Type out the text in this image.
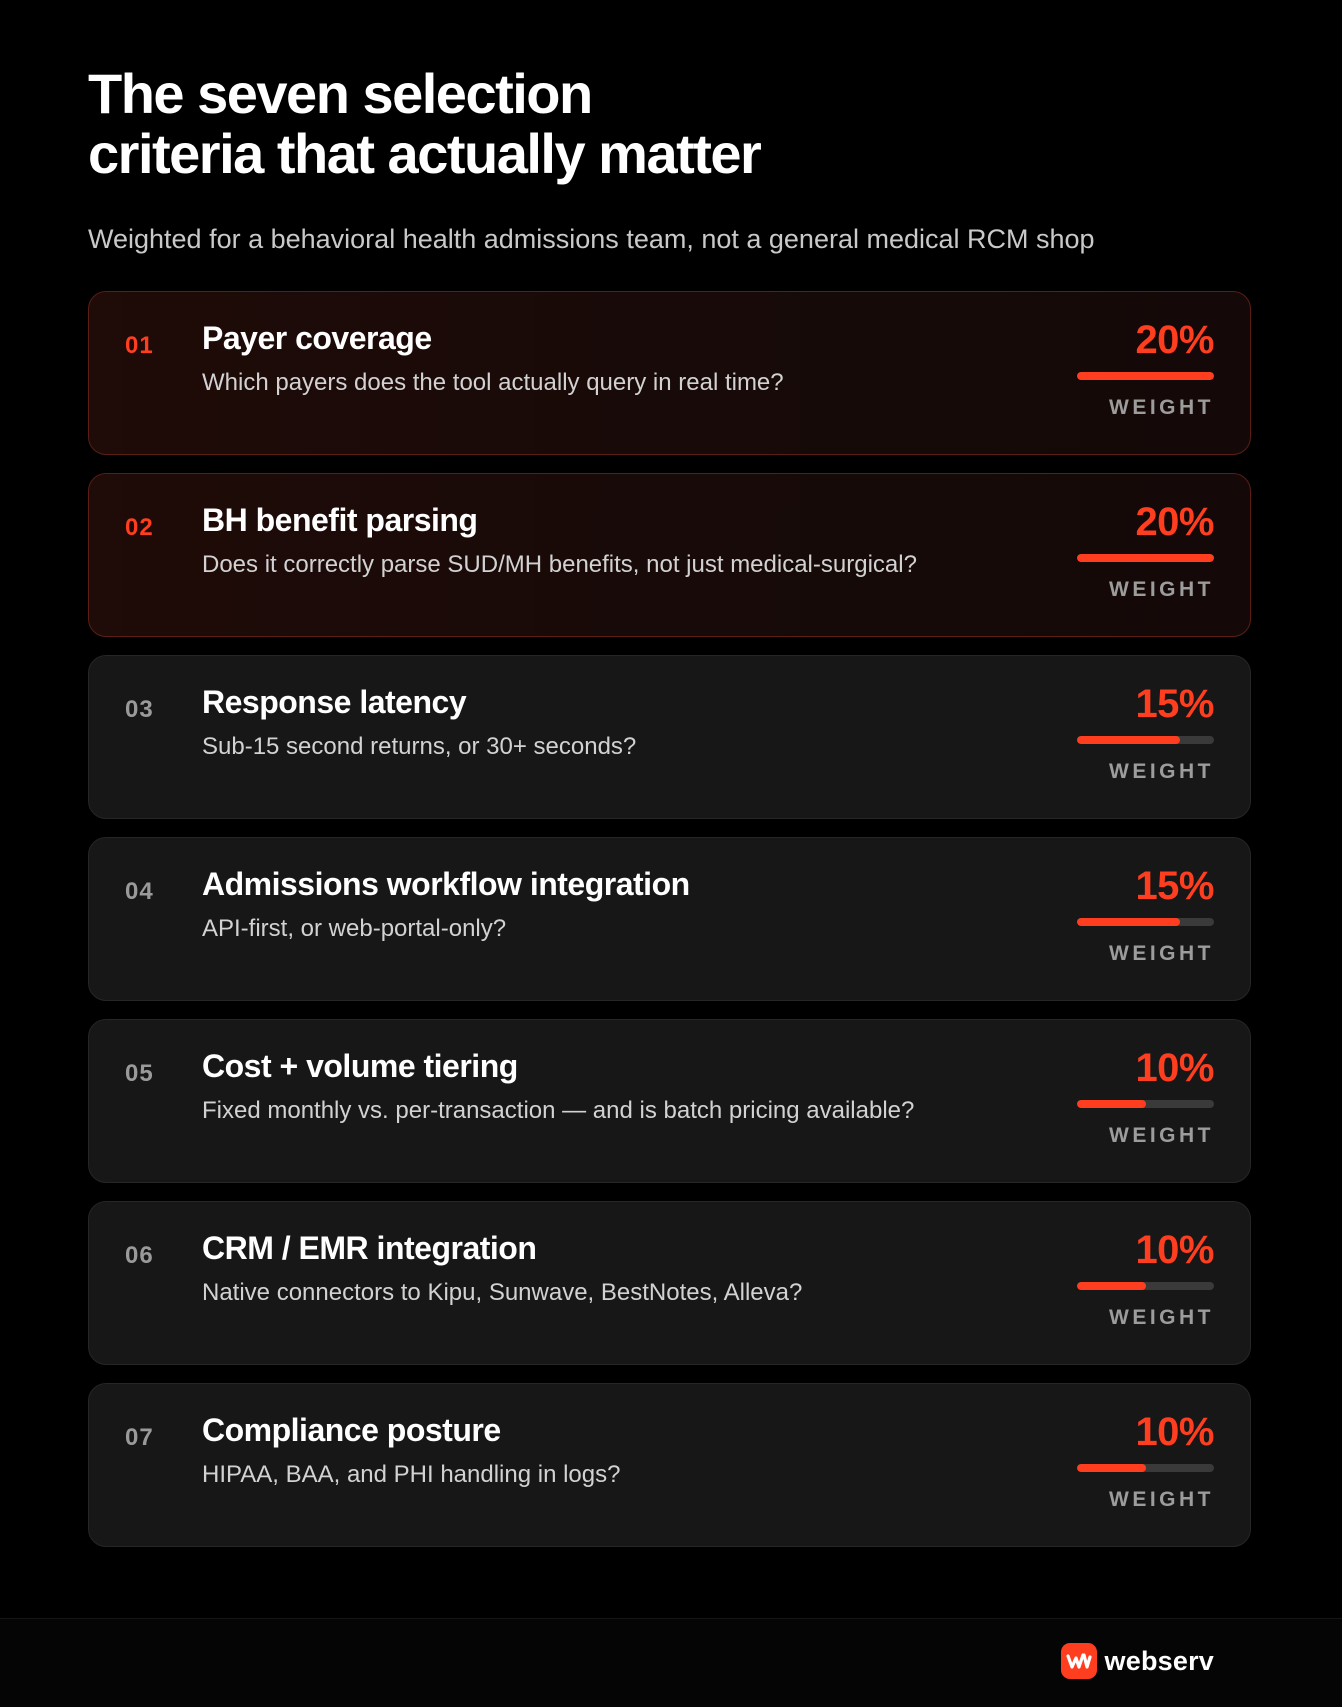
The seven selection
criteria that actually matter

Weighted for a behavioral health admissions team, not a general medical RCM shop

01 Payer coverage
Which payers does the tool actually query in real time?
20%
WEIGHT
02 BH benefit parsing
Does it correctly parse SUD/MH benefits, not just medical-surgical?
20%
WEIGHT
03 Response latency
Sub-15 second returns, or 30+ seconds?
15%
WEIGHT
04 Admissions workflow integration
API-first, or web-portal-only?
15%
WEIGHT
05 Cost + volume tiering
Fixed monthly vs. per-transaction — and is batch pricing available?
10%
WEIGHT
06 CRM / EMR integration
Native connectors to Kipu, Sunwave, BestNotes, Alleva?
10%
WEIGHT
07 Compliance posture
HIPAA, BAA, and PHI handling in logs?
10%
WEIGHT
webserv
